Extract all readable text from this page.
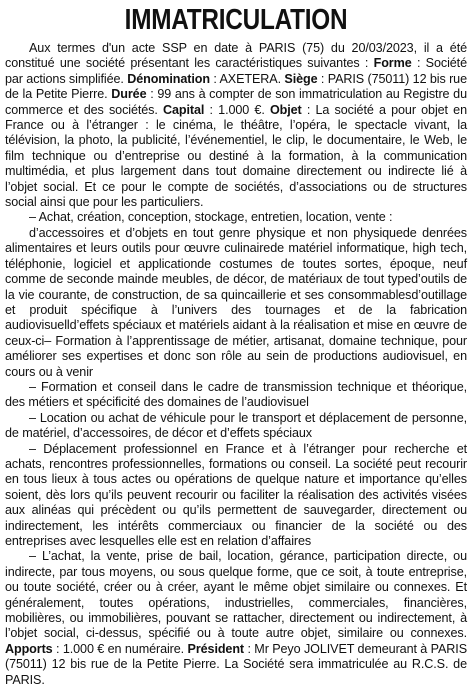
IMMATRICULATION

Aux termes d'un acte SSP en date à PARIS (75) du 20/03/2023, il a été constitué une société présentant les caractéristiques suivantes : Forme : Société par actions simplifiée. Dénomination : AXETERA. Siège : PARIS (75011) 12 bis rue de la Petite Pierre. Durée : 99 ans à compter de son immatriculation au Registre du commerce et des sociétés. Capital : 1.000 €. Objet : La société a pour objet en France ou à l’étranger : le cinéma, le théâtre, l’opéra, le spectacle vivant, la télévision, la photo, la publicité, l’événementiel, le clip, le documentaire, le Web, le film technique ou d’entreprise ou destiné à la formation, à la communication multimédia, et plus largement dans tout domaine directement ou indirecte lié à l’objet social. Et ce pour le compte de sociétés, d’associations ou de structures social ainsi que pour les particuliers.

– Achat, création, conception, stockage, entretien, location, vente :

d’accessoires et d’objets en tout genre physique et non physiquede denrées alimentaires et leurs outils pour œuvre culinairede matériel informatique, high tech, téléphonie, logiciel et applicationde costumes de toutes sortes, époque, neuf comme de seconde mainde meubles, de décor, de matériaux de tout typed’outils de la vie courante, de construction, de sa quincaillerie et ses consommablesd’outillage et produit spécifique à l’univers des tournages et de la fabrication audiovisuelld’effets spéciaux et matériels aidant à la réalisation et mise en œuvre de ceux-ci– Formation à l’apprentissage de métier, artisanat, domaine technique, pour améliorer ses expertises et donc son rôle au sein de productions audiovisuel, en cours ou à venir

– Formation et conseil dans le cadre de transmission technique et théorique, des métiers et spécificité des domaines de l’audiovisuel

– Location ou achat de véhicule pour le transport et déplacement de personne, de matériel, d’accessoires, de décor et d’effets spéciaux

– Déplacement professionnel en France et à l’étranger pour recherche et achats, rencontres professionnelles, formations ou conseil. La société peut recourir en tous lieux à tous actes ou opérations de quelque nature et importance qu’elles soient, dès lors qu’ils peuvent recourir ou faciliter la réalisation des activités visées aux alinéas qui précèdent ou qu’ils permettent de sauvegarder, directement ou indirectement, les intérêts commerciaux ou financier de la société ou des entreprises avec lesquelles elle est en relation d’affaires

– L’achat, la vente, prise de bail, location, gérance, participation directe, ou indirecte, par tous moyens, ou sous quelque forme, que ce soit, à toute entreprise, ou toute société, créer ou à créer, ayant le même objet similaire ou connexes. Et généralement, toutes opérations, industrielles, commerciales, financières, mobilières, ou immobilières, pouvant se rattacher, directement ou indirectement, à l’objet social, ci-dessus, spécifié ou à toute autre objet, similaire ou connexes. Apports : 1.000 € en numéraire. Président : Mr Peyo JOLIVET demeurant à PARIS (75011) 12 bis rue de la Petite Pierre. La Société sera immatriculée au R.C.S. de PARIS.
